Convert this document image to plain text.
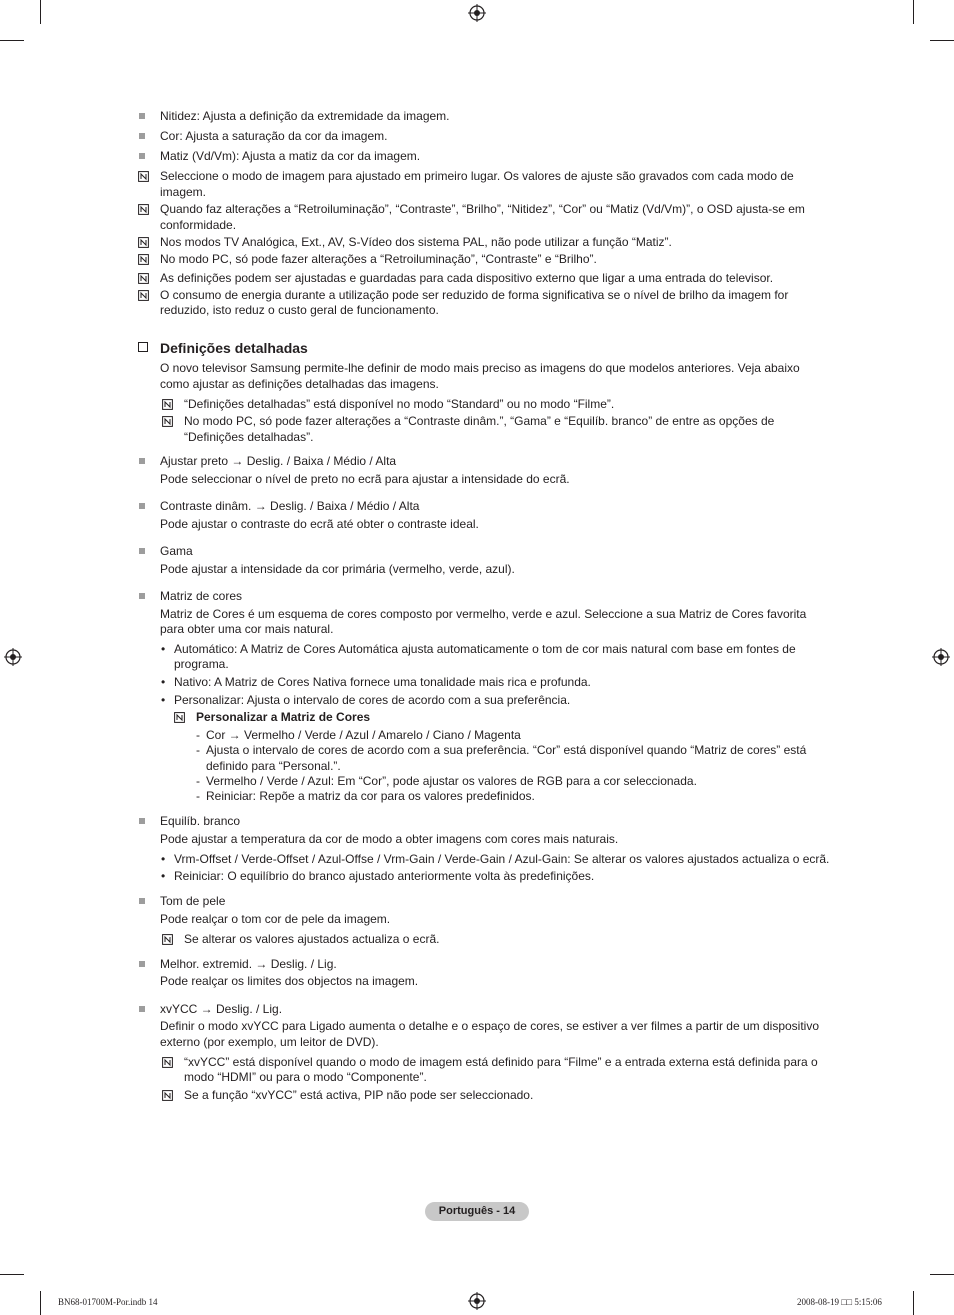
Nitidez: Ajusta a definição da extremidade da imagem.
Cor: Ajusta a saturação da cor da imagem.
Matiz (Vd/Vm): Ajusta a matiz da cor da imagem.
Seleccione o modo de imagem para ajustado em primeiro lugar. Os valores de ajuste são gravados com cada modo de
imagem.
Quando faz alterações a “Retroiluminação”, “Contraste”, “Brilho”, “Nitidez”, “Cor” ou “Matiz (Vd/Vm)”, o OSD ajusta-se em
conformidade.
Nos modos TV Analógica, Ext., AV, S-Vídeo dos sistema PAL, não pode utilizar a função “Matiz”.
No modo PC, só pode fazer alterações a “Retroiluminação”, “Contraste” e “Brilho”.
As definições podem ser ajustadas e guardadas para cada dispositivo externo que ligar a uma entrada do televisor.
O consumo de energia durante a utilização pode ser reduzido de forma significativa se o nível de brilho da imagem for
reduzido, isto reduz o custo geral de funcionamento.
Definições detalhadas
O novo televisor Samsung permite-lhe definir de modo mais preciso as imagens do que modelos anteriores. Veja abaixo
como ajustar as definições detalhadas das imagens.
“Definições detalhadas” está disponível no modo “Standard” ou no modo “Filme”.
No modo PC, só pode fazer alterações a “Contraste dinâm.”, “Gama” e “Equilíb. branco” de entre as opções de
“Definições detalhadas”.
Ajustar preto → Deslig. / Baixa / Médio / Alta
Pode seleccionar o nível de preto no ecrã para ajustar a intensidade do ecrã.
Contraste dinâm. → Deslig. / Baixa / Médio / Alta
Pode ajustar o contraste do ecrã até obter o contraste ideal.
Gama
Pode ajustar a intensidade da cor primária (vermelho, verde, azul).
Matriz de cores
Matriz de Cores é um esquema de cores composto por vermelho, verde e azul. Seleccione a sua Matriz de Cores favorita
para obter uma cor mais natural.
• Automático: A Matriz de Cores Automática ajusta automaticamente o tom de cor mais natural com base em fontes de
programa.
• Nativo: A Matriz de Cores Nativa fornece uma tonalidade mais rica e profunda.
• Personalizar: Ajusta o intervalo de cores de acordo com a sua preferência.
Personalizar a Matriz de Cores
- Cor → Vermelho / Verde / Azul / Amarelo / Ciano / Magenta
- Ajusta o intervalo de cores de acordo com a sua preferência. “Cor” está disponível quando “Matriz de cores” está
definido para “Personal.”.
- Vermelho / Verde / Azul: Em “Cor”, pode ajustar os valores de RGB para a cor seleccionada.
- Reiniciar: Repõe a matriz da cor para os valores predefinidos.
Equilíb. branco
Pode ajustar a temperatura da cor de modo a obter imagens com cores mais naturais.
• Vrm-Offset / Verde-Offset / Azul-Offse / Vrm-Gain / Verde-Gain / Azul-Gain: Se alterar os valores ajustados actualiza o ecrã.
• Reiniciar: O equilíbrio do branco ajustado anteriormente volta às predefinições.
Tom de pele
Pode realçar o tom cor de pele da imagem.
Se alterar os valores ajustados actualiza o ecrã.
Melhor. extremid. → Deslig. / Lig.
Pode realçar os limites dos objectos na imagem.
xvYCC → Deslig. / Lig.
Definir o modo xvYCC para Ligado aumenta o detalhe e o espaço de cores, se estiver a ver filmes a partir de um dispositivo
externo (por exemplo, um leitor de DVD).
“xvYCC” está disponível quando o modo de imagem está definido para “Filme” e a entrada externa está definida para o
modo “HDMI” ou para o modo “Componente”.
Se a função “xvYCC” está activa, PIP não pode ser seleccionado.
Português - 14
BN68-01700M-Por.indb 14	2008-08-19 □□ 5:15:06
